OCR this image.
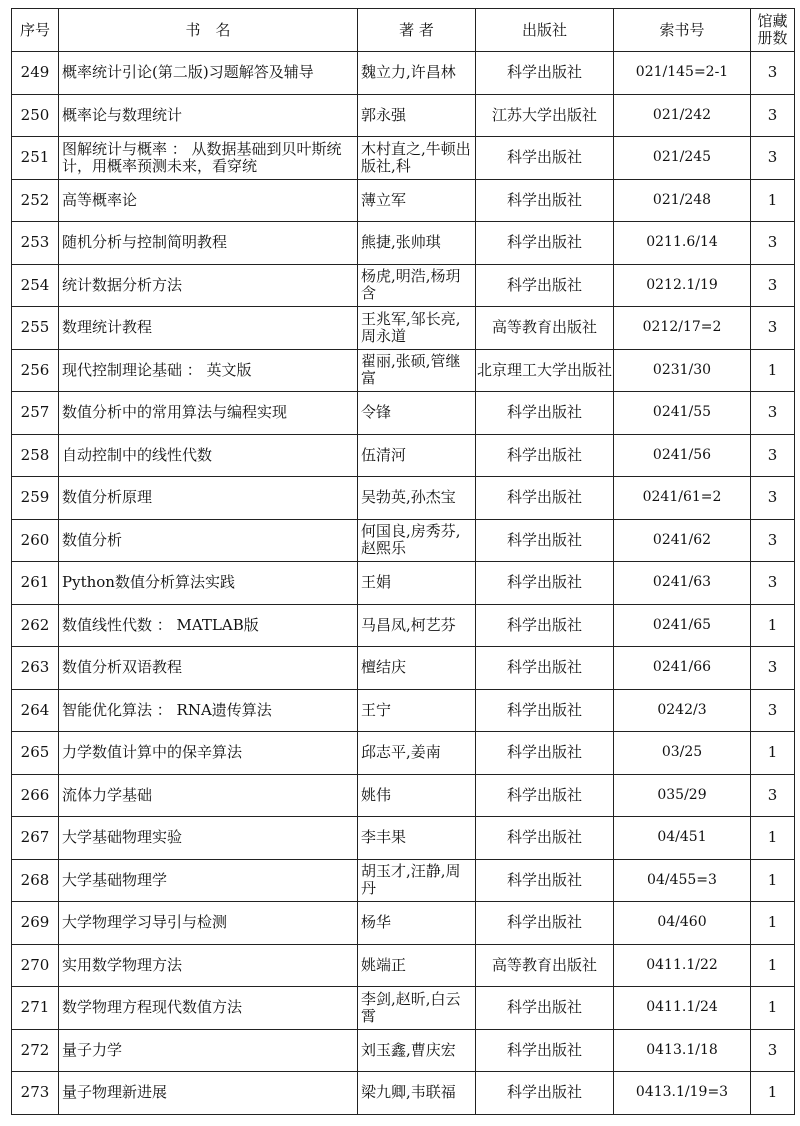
序号	书　名	著 者	出版社	索书号	馆藏册数

249	概率统计引论(第二版)习题解答及辅导	魏立力,许昌林	科学出版社	021/145=2-1	3

250	概率论与数理统计	郭永强	江苏大学出版社	021/242	3

251	图解统计与概率 ： 从数据基础到贝叶斯统计，用概率预测未来，看穿统	木村直之,牛顿出版社,科	科学出版社	021/245	3

252	高等概率论	薄立军	科学出版社	021/248	1

253	随机分析与控制简明教程	熊捷,张帅琪	科学出版社	0211.6/14	3

254	统计数据分析方法	杨虎,明浩,杨玥含	科学出版社	0212.1/19	3

255	数理统计教程	王兆军,邹长亮,周永道	高等教育出版社	0212/17=2	3

256	现代控制理论基础 ： 英文版	翟丽,张硕,管继富	北京理工大学出版社	0231/30	1

257	数值分析中的常用算法与编程实现	令锋	科学出版社	0241/55	3

258	自动控制中的线性代数	伍清河	科学出版社	0241/56	3

259	数值分析原理	吴勃英,孙杰宝	科学出版社	0241/61=2	3

260	数值分析	何国良,房秀芬,赵熙乐	科学出版社	0241/62	3

261	Python数值分析算法实践	王娟	科学出版社	0241/63	3

262	数值线性代数 ： MATLAB版	马昌凤,柯艺芬	科学出版社	0241/65	1

263	数值分析双语教程	檀结庆	科学出版社	0241/66	3

264	智能优化算法 ： RNA遗传算法	王宁	科学出版社	0242/3	3

265	力学数值计算中的保辛算法	邱志平,姜南	科学出版社	03/25	1

266	流体力学基础	姚伟	科学出版社	035/29	3

267	大学基础物理实验	李丰果	科学出版社	04/451	1

268	大学基础物理学	胡玉才,汪静,周丹	科学出版社	04/455=3	1

269	大学物理学习导引与检测	杨华	科学出版社	04/460	1

270	实用数学物理方法	姚端正	高等教育出版社	0411.1/22	1

271	数学物理方程现代数值方法	李剑,赵昕,白云霄	科学出版社	0411.1/24	1

272	量子力学	刘玉鑫,曹庆宏	科学出版社	0413.1/18	3

273	量子物理新进展	梁九卿,韦联福	科学出版社	0413.1/19=3	1
